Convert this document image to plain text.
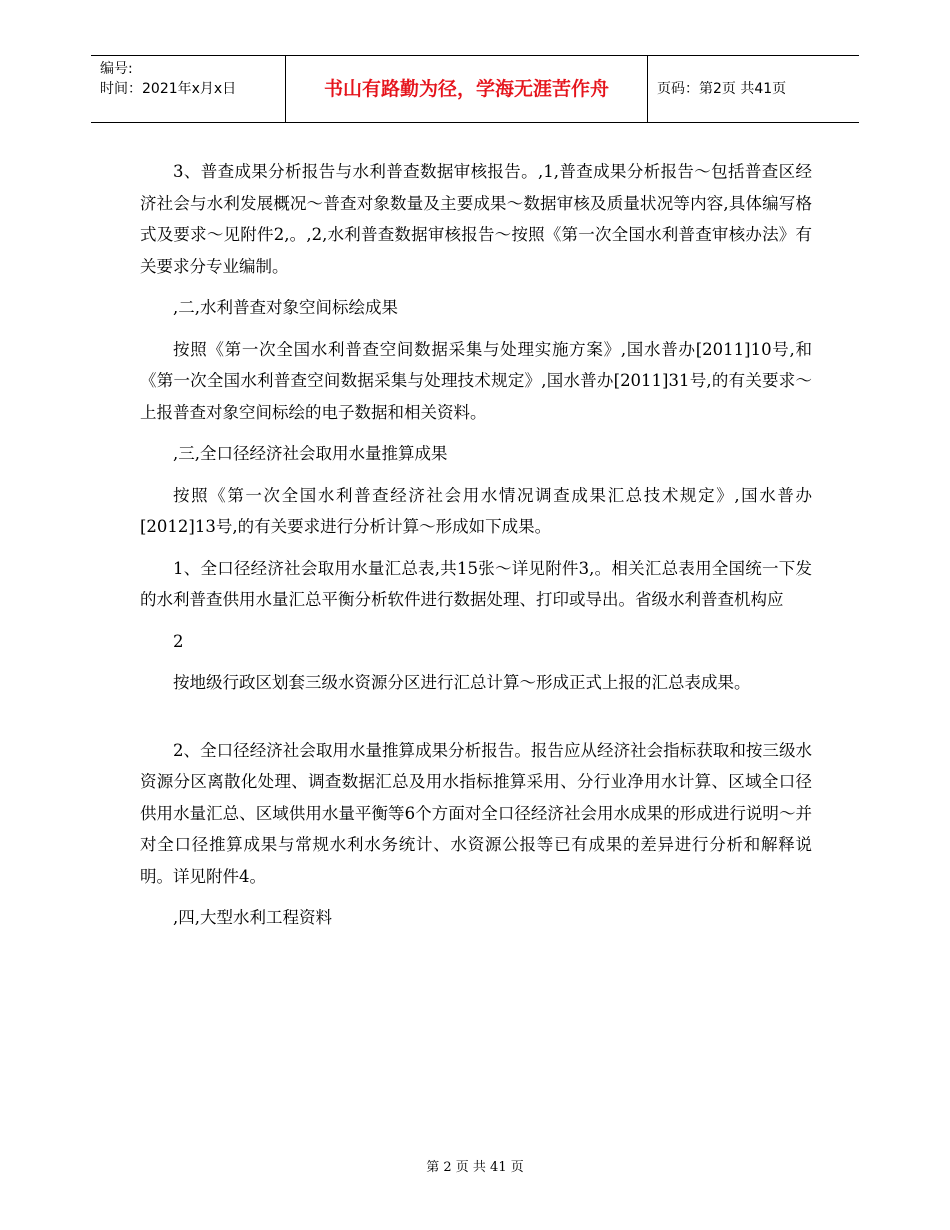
编号:
时间：2021年x月x日	书山有路勤为径，学海无涯苦作舟	页码：第2页 共41页

3、普查成果分析报告与水利普查数据审核报告。,1,普查成果分析报告～包括普查区经济社会与水利发展概况～普查对象数量及主要成果～数据审核及质量状况等内容,具体编写格式及要求～见附件2,。,2,水利普查数据审核报告～按照《第一次全国水利普查审核办法》有关要求分专业编制。

,二,水利普查对象空间标绘成果

按照《第一次全国水利普查空间数据采集与处理实施方案》,国水普办[2011]10号,和《第一次全国水利普查空间数据采集与处理技术规定》,国水普办[2011]31号,的有关要求～上报普查对象空间标绘的电子数据和相关资料。

,三,全口径经济社会取用水量推算成果

按照《第一次全国水利普查经济社会用水情况调查成果汇总技术规定》,国水普办[2012]13号,的有关要求进行分析计算～形成如下成果。

1、全口径经济社会取用水量汇总表,共15张～详见附件3,。相关汇总表用全国统一下发的水利普查供用水量汇总平衡分析软件进行数据处理、打印或导出。省级水利普查机构应

2

按地级行政区划套三级水资源分区进行汇总计算～形成正式上报的汇总表成果。

2、全口径经济社会取用水量推算成果分析报告。报告应从经济社会指标获取和按三级水资源分区离散化处理、调查数据汇总及用水指标推算采用、分行业净用水计算、区域全口径供用水量汇总、区域供用水量平衡等6个方面对全口径经济社会用水成果的形成进行说明～并对全口径推算成果与常规水利水务统计、水资源公报等已有成果的差异进行分析和解释说明。详见附件4。

,四,大型水利工程资料

第 2 页 共 41 页
